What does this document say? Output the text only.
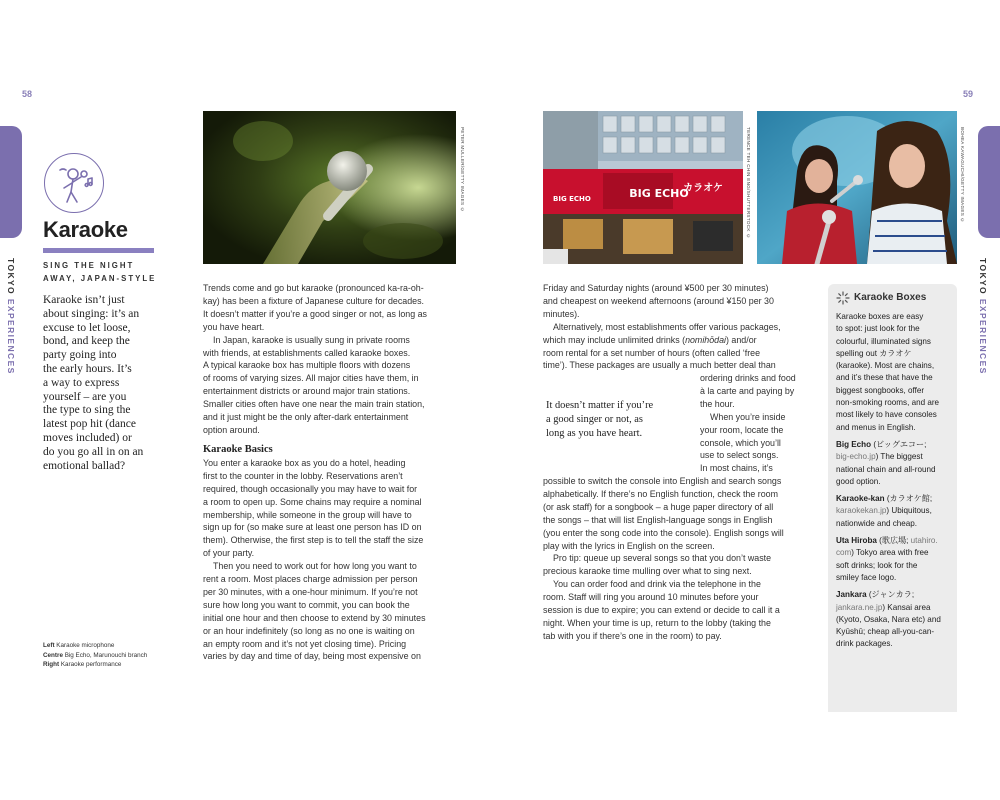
58
TOKYO EXPERIENCES
Karaoke
SING THE NIGHT
AWAY, JAPAN-STYLE
Karaoke isn’t just
about singing: it’s an
excuse to let loose,
bond, and keep the
party going into
the early hours. It’s
a way to express
yourself – are you
the type to sing the
latest pop hit (dance
moves included) or
do you go all in on an
emotional ballad?
Left Karaoke microphone
Centre Big Echo, Marunouchi branch
Right Karaoke performance
PETER MULLER/GETTY IMAGES ©
Trends come and go but karaoke (pronounced ka-ra-oh-
kay) has been a fixture of Japanese culture for decades.
It doesn’t matter if you’re a good singer or not, as long as
you have heart.
In Japan, karaoke is usually sung in private rooms
with friends, at establishments called karaoke boxes.
A typical karaoke box has multiple floors with dozens
of rooms of varying sizes. All major cities have them, in
entertainment districts or around major train stations.
Smaller cities often have one near the main train station,
and it just might be the only after-dark entertainment
option around.
Karaoke Basics
You enter a karaoke box as you do a hotel, heading
first to the counter in the lobby. Reservations aren’t
required, though occasionally you may have to wait for
a room to open up. Some chains may require a nominal
membership, while someone in the group will have to
sign up for (so make sure at least one person has ID on
them). Otherwise, the first step is to tell the staff the size
of your party.
Then you need to work out for how long you want to
rent a room. Most places charge admission per person
per 30 minutes, with a one-hour minimum. If you’re not
sure how long you want to commit, you can book the
initial one hour and then choose to extend by 30 minutes
or an hour indefinitely (so long as no one is waiting on
an empty room and it’s not yet closing time). Pricing
varies by day and time of day, being most expensive on
59
TOKYO EXPERIENCES
BIG ECHO
BIG ECHO
カラオケ	TERENCE TEH CHIN ENG/SHUTTERSTOCK ©	BOHEA KAWAGUCHI/GETTY IMAGES ©
Friday and Saturday nights (around ¥500 per 30 minutes)
and cheapest on weekend afternoons (around ¥150 per 30
minutes).
Alternatively, most establishments offer various packages,
which may include unlimited drinks (nomihōdai) and/or
room rental for a set number of hours (often called ‘free
time’). These packages are usually a much better deal than
ordering drinks and food
à la carte and paying by
the hour.
When you’re inside
your room, locate the
console, which you’ll
use to select songs.
In most chains, it’s
It doesn’t matter if you’re
a good singer or not, as
long as you have heart.
possible to switch the console into English and search songs
alphabetically. If there’s no English function, check the room
(or ask staff) for a songbook – a huge paper directory of all
the songs – that will list English-language songs in English
(you enter the song code into the console). English songs will
play with the lyrics in English on the screen.
Pro tip: queue up several songs so that you don’t waste
precious karaoke time mulling over what to sing next.
You can order food and drink via the telephone in the
room. Staff will ring you around 10 minutes before your
session is due to expire; you can extend or decide to call it a
night. When your time is up, return to the lobby (taking the
tab with you if there’s one in the room) to pay.
Karaoke Boxes
Karaoke boxes are easy
to spot: just look for the
colourful, illuminated signs
spelling out カラオケ
(karaoke). Most are chains,
and it’s these that have the
biggest songbooks, offer
non-smoking rooms, and are
most likely to have consoles
and menus in English.
Big Echo (ビッグエコー;
big-echo.jp) The biggest
national chain and all-round
good option.
Karaoke-kan (カラオケ館;
karaokekan.jp) Ubiquitous,
nationwide and cheap.
Uta Hiroba (歌広場; utahiro.
com) Tokyo area with free
soft drinks; look for the
smiley face logo.
Jankara (ジャンカラ;
jankara.ne.jp) Kansai area
(Kyoto, Osaka, Nara etc) and
Kyūshū; cheap all-you-can-
drink packages.
